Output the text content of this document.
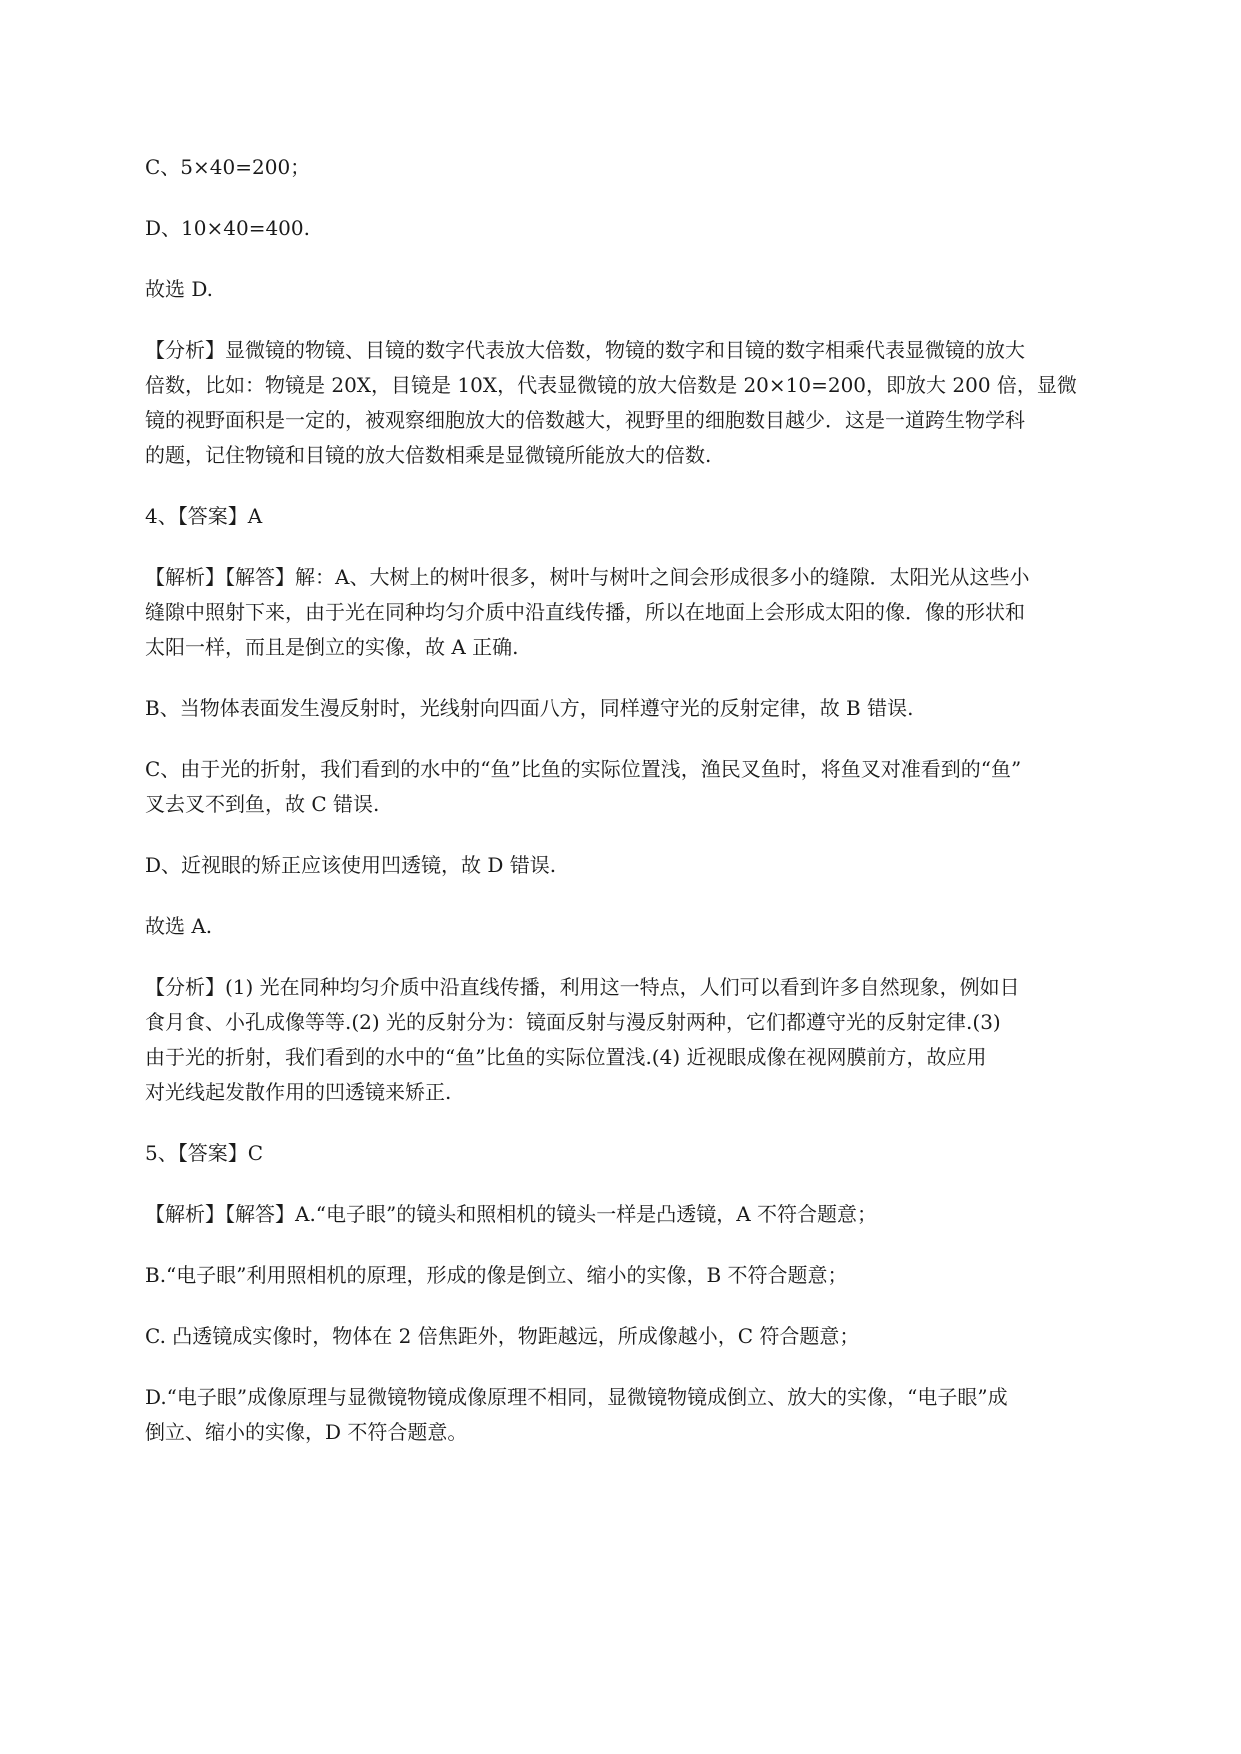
C、5×40=200；

D、10×40=400.

故选 D.

【分析】显微镜的物镜、目镜的数字代表放大倍数，物镜的数字和目镜的数字相乘代表显微镜的放大
倍数，比如：物镜是 20X，目镜是 10X，代表显微镜的放大倍数是 20×10=200，即放大 200 倍，显微
镜的视野面积是一定的，被观察细胞放大的倍数越大，视野里的细胞数目越少．这是一道跨生物学科
的题，记住物镜和目镜的放大倍数相乘是显微镜所能放大的倍数.

4、【答案】A

【解析】【解答】解：A、大树上的树叶很多，树叶与树叶之间会形成很多小的缝隙．太阳光从这些小
缝隙中照射下来，由于光在同种均匀介质中沿直线传播，所以在地面上会形成太阳的像．像的形状和
太阳一样，而且是倒立的实像，故 A 正确.

B、当物体表面发生漫反射时，光线射向四面八方，同样遵守光的反射定律，故 B 错误.

C、由于光的折射，我们看到的水中的“鱼”比鱼的实际位置浅，渔民叉鱼时，将鱼叉对准看到的“鱼”
叉去叉不到鱼，故 C 错误.

D、近视眼的矫正应该使用凹透镜，故 D 错误.

故选 A.

【分析】(1) 光在同种均匀介质中沿直线传播，利用这一特点，人们可以看到许多自然现象，例如日
食月食、小孔成像等等.(2) 光的反射分为：镜面反射与漫反射两种，它们都遵守光的反射定律.(3)
由于光的折射，我们看到的水中的“鱼”比鱼的实际位置浅.(4) 近视眼成像在视网膜前方，故应用
对光线起发散作用的凹透镜来矫正.

5、【答案】C

【解析】【解答】A.“电子眼”的镜头和照相机的镜头一样是凸透镜，A 不符合题意；

B.“电子眼”利用照相机的原理，形成的像是倒立、缩小的实像，B 不符合题意；

C. 凸透镜成实像时，物体在 2 倍焦距外，物距越远，所成像越小，C 符合题意；

D.“电子眼”成像原理与显微镜物镜成像原理不相同，显微镜物镜成倒立、放大的实像，“电子眼”成
倒立、缩小的实像，D 不符合题意。
